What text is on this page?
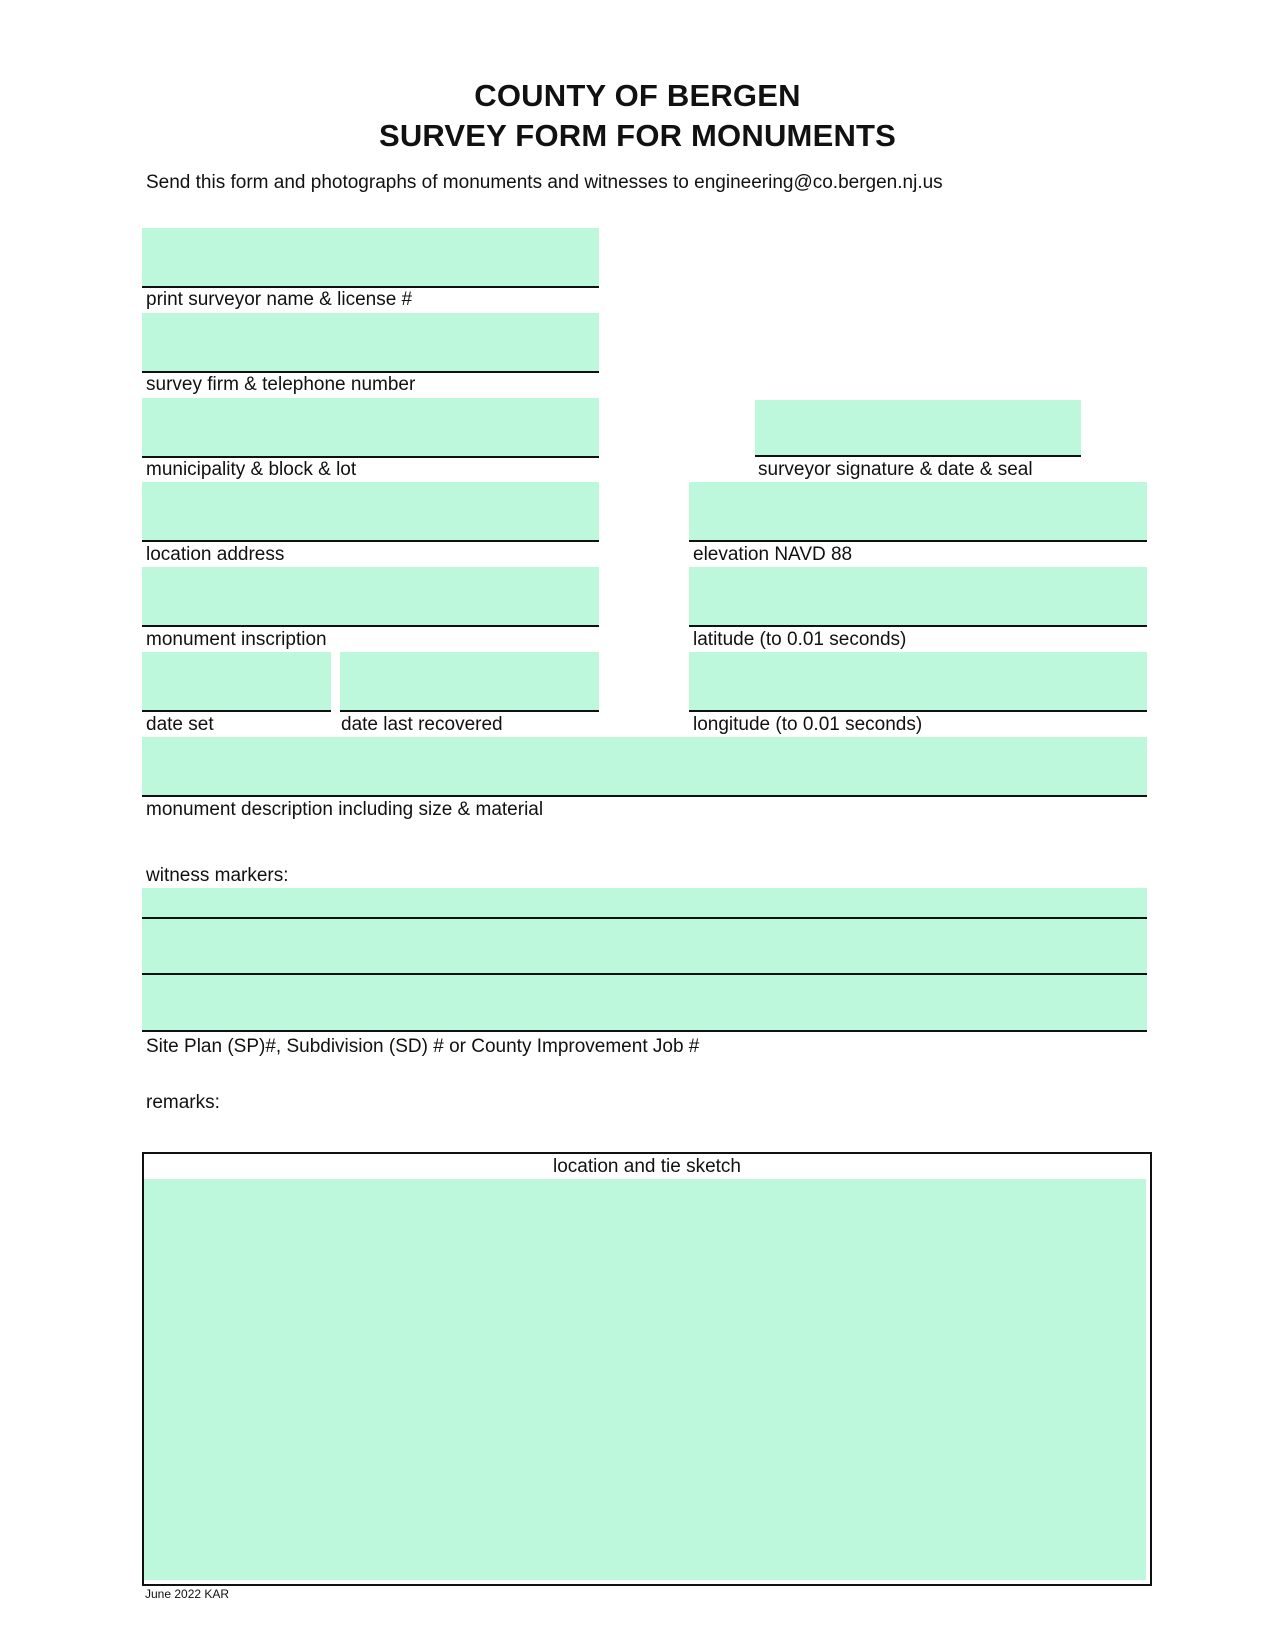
COUNTY OF BERGEN
SURVEY FORM FOR MONUMENTS
Send this form and photographs of monuments and witnesses to engineering@co.bergen.nj.us
print surveyor name & license #
survey firm & telephone number
municipality & block & lot
location address
monument inscription
date set	date last recovered
surveyor signature & date & seal
elevation NAVD 88
latitude (to 0.01 seconds)
longitude (to 0.01 seconds)
monument description including size & material
witness markers:
Site Plan (SP)#, Subdivision (SD) # or County Improvement Job #
remarks:
location and tie sketch
June 2022 KAR
